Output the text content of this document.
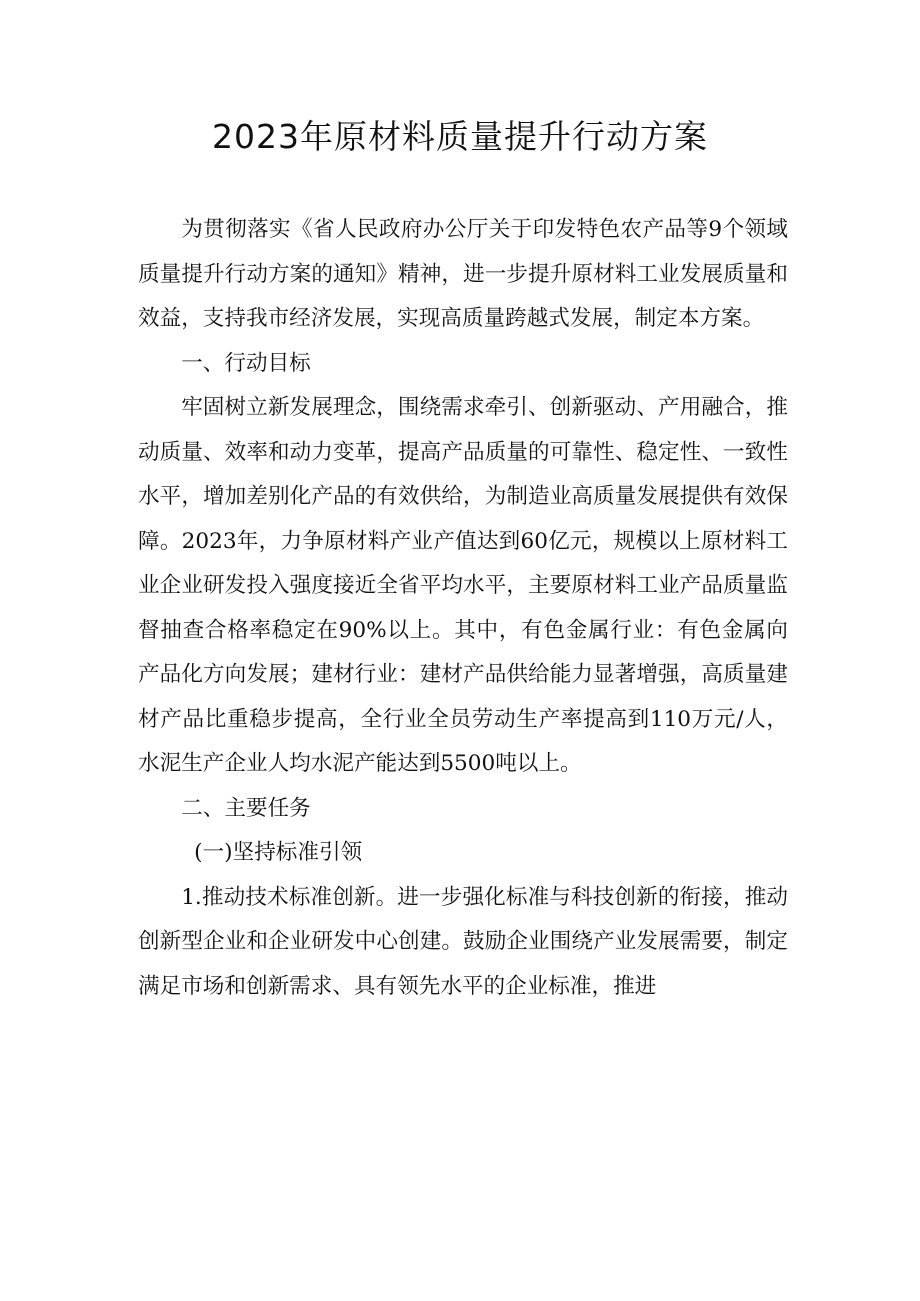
2023年原材料质量提升行动方案

为贯彻落实《省人民政府办公厅关于印发特色农产品等9个领域质量提升行动方案的通知》精神，进一步提升原材料工业发展质量和效益，支持我市经济发展，实现高质量跨越式发展，制定本方案。

一、行动目标

牢固树立新发展理念，围绕需求牵引、创新驱动、产用融合，推动质量、效率和动力变革，提高产品质量的可靠性、稳定性、一致性水平，增加差别化产品的有效供给，为制造业高质量发展提供有效保障。2023年，力争原材料产业产值达到60亿元，规模以上原材料工业企业研发投入强度接近全省平均水平，主要原材料工业产品质量监督抽查合格率稳定在90%以上。其中，有色金属行业：有色金属向产品化方向发展；建材行业：建材产品供给能力显著增强，高质量建材产品比重稳步提高，全行业全员劳动生产率提高到110万元/人，水泥生产企业人均水泥产能达到5500吨以上。

二、主要任务

(一)坚持标准引领

1.推动技术标准创新。进一步强化标准与科技创新的衔接，推动创新型企业和企业研发中心创建。鼓励企业围绕产业发展需要，制定满足市场和创新需求、具有领先水平的企业标准，推进
